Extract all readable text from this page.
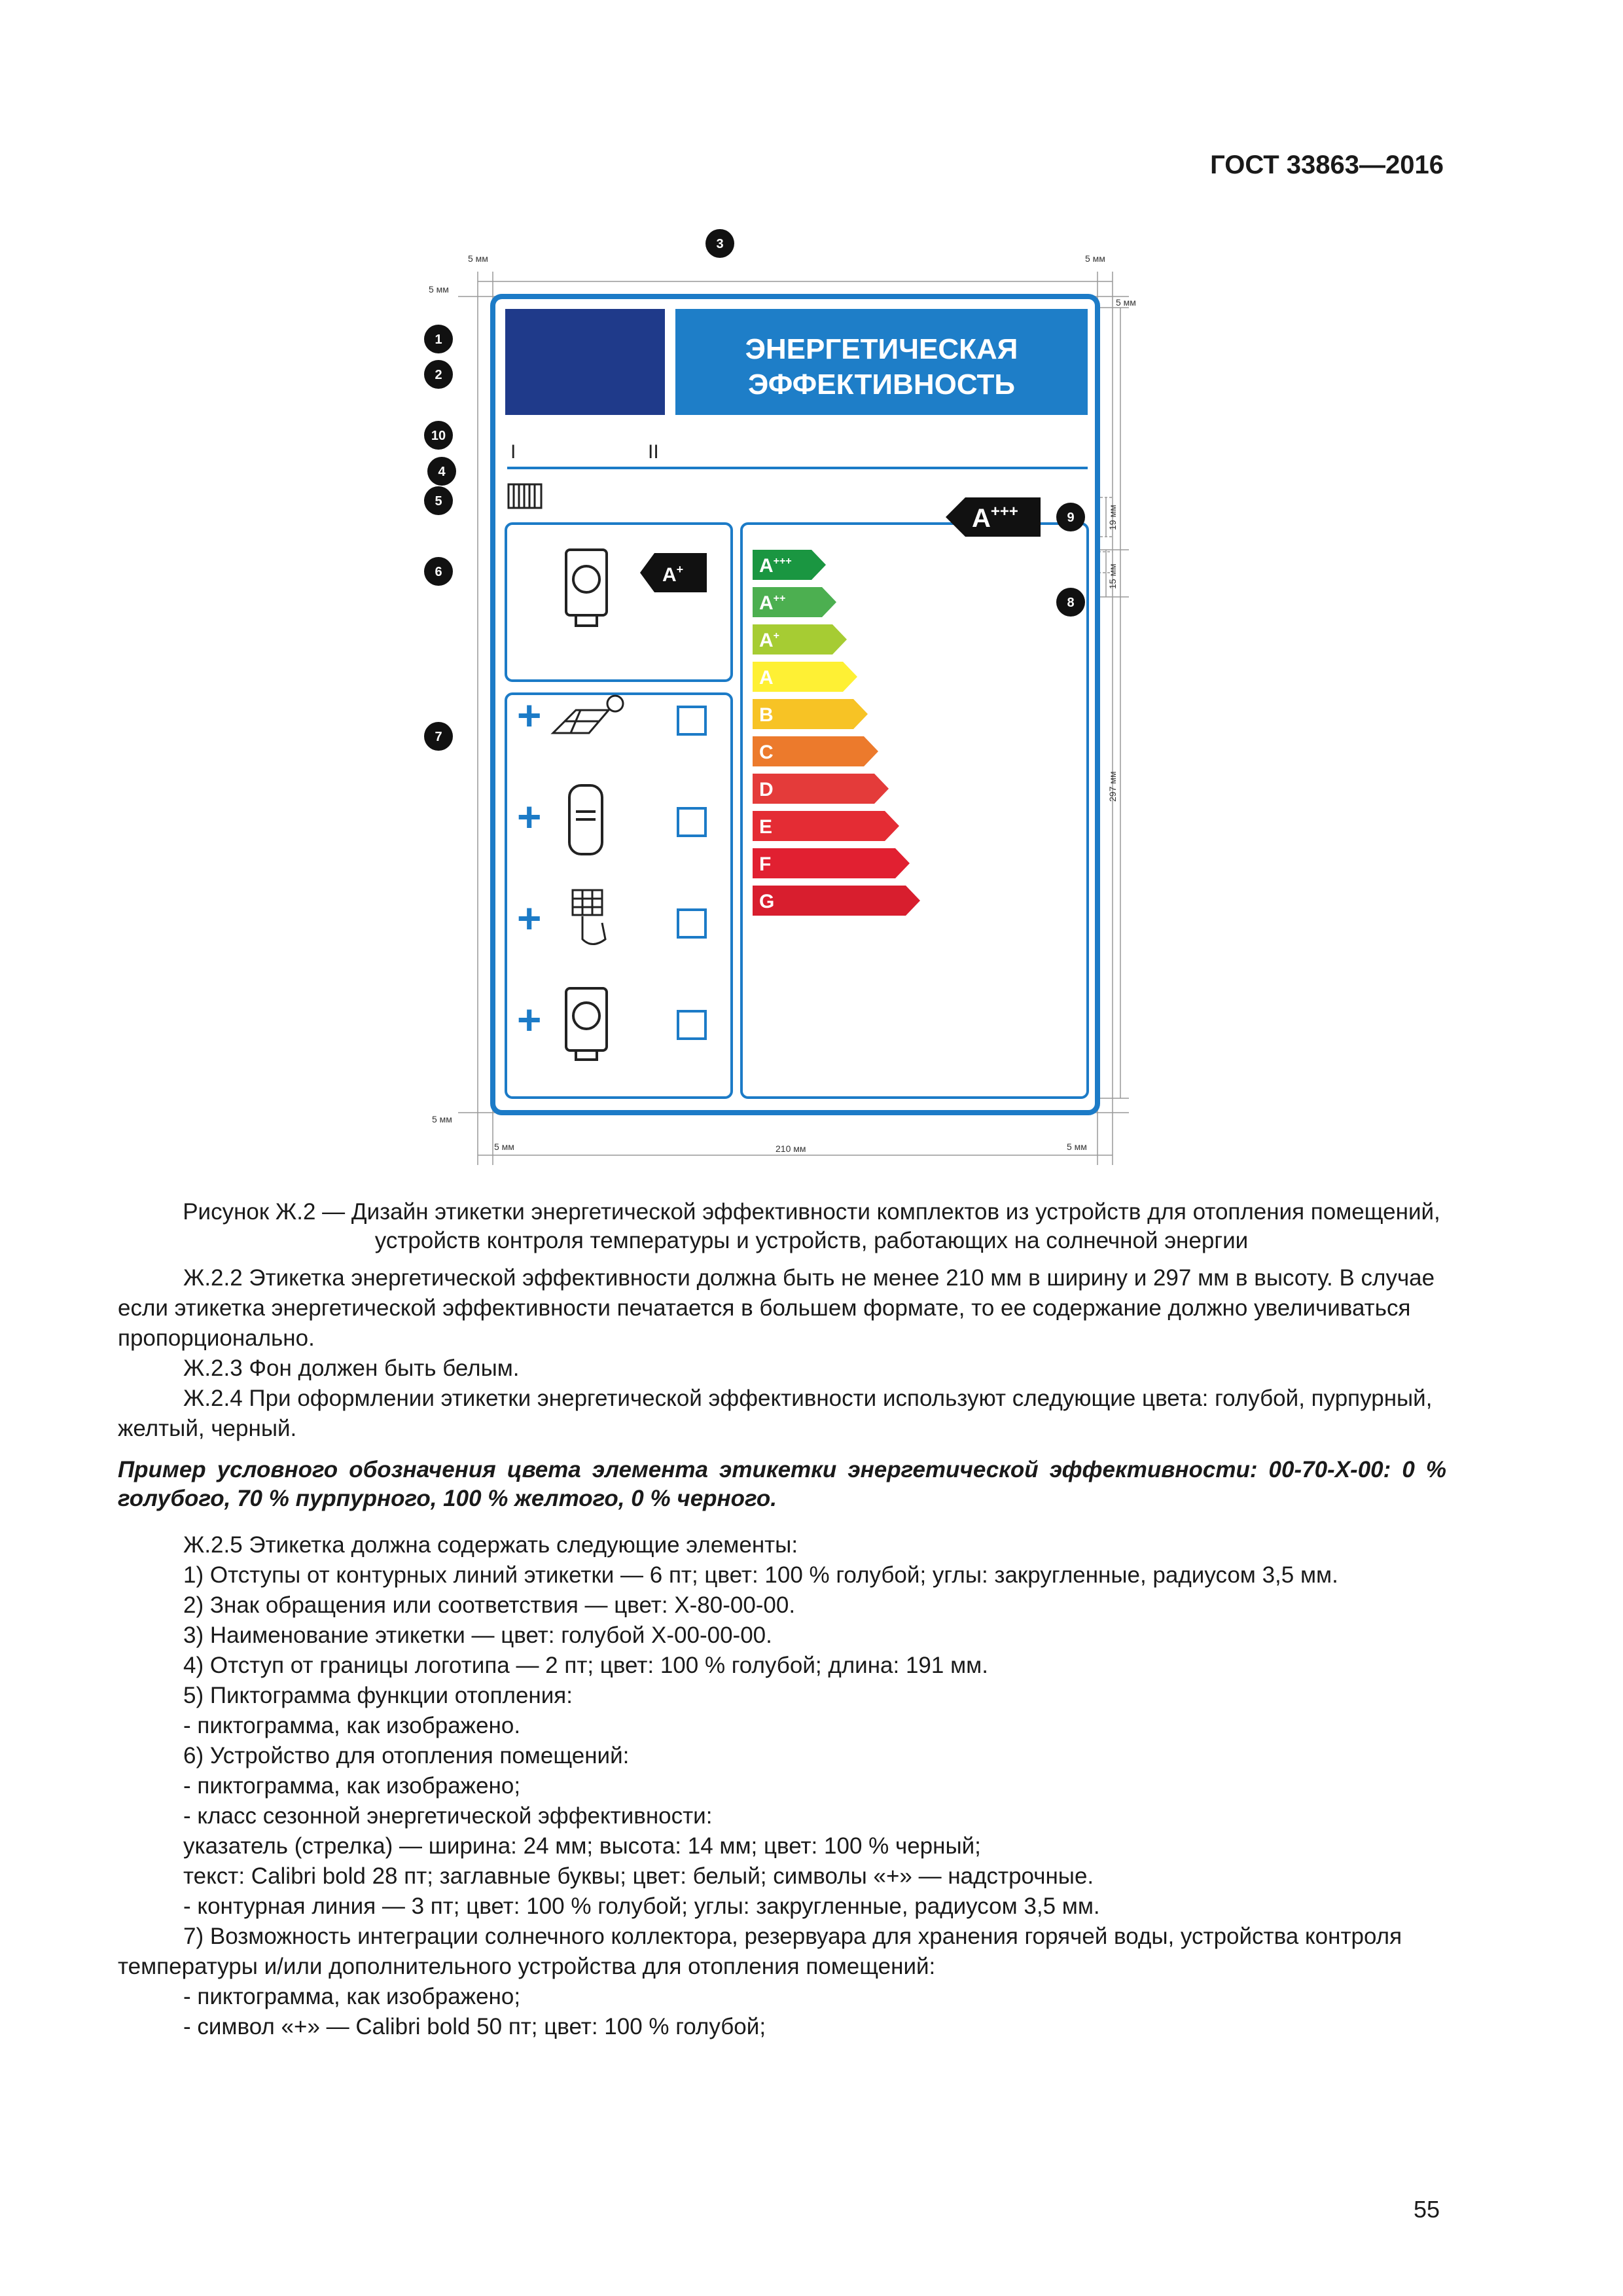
ГОСТ 33863—2016
5 мм	5 мм
5 мм
5 мм
19 мм
15 мм
297 мм
5 мм
5 мм	5 мм
210 мм
ЭНЕРГЕТИЧЕСКАЯ
ЭФФЕКТИВНОСТЬ
I	II
A+
+
+
+
+
A+++
A++
A+
A
B
C
D
E
F
G
A+++
1
2
3
4
5
6
7
8
9
10
Рисунок Ж.2 — Дизайн этикетки энергетической эффективности комплектов из устройств для отопления помещений, устройств контроля температуры и устройств, работающих на солнечной энергии

Ж.2.2 Этикетка энергетической эффективности должна быть не менее 210 мм в ширину и 297 мм в высоту. В случае если этикетка энергетической эффективности печатается в большем формате, то ее содержание должно увеличиваться пропорционально.

Ж.2.3 Фон должен быть белым.

Ж.2.4 При оформлении этикетки энергетической эффективности используют следующие цвета: голубой, пурпурный, желтый, черный.

Пример условного обозначения цвета элемента этикетки энергетической эффективности: 00-70-Х-00: 0 % голубого, 70 % пурпурного, 100 % желтого, 0 % черного.

Ж.2.5 Этикетка должна содержать следующие элементы:

1) Отступы от контурных линий этикетки — 6 пт; цвет: 100 % голубой; углы: закругленные, радиусом 3,5 мм.

2) Знак обращения или соответствия — цвет: Х-80-00-00.

3) Наименование этикетки — цвет: голубой Х-00-00-00.

4) Отступ от границы логотипа — 2 пт; цвет: 100 % голубой; длина: 191 мм.

5) Пиктограмма функции отопления:

- пиктограмма, как изображено.

6) Устройство для отопления помещений:

- пиктограмма, как изображено;

- класс сезонной энергетической эффективности:

указатель (стрелка) — ширина: 24 мм; высота: 14 мм; цвет: 100 % черный;

текст: Calibri bold 28 пт; заглавные буквы; цвет: белый; символы «+» — надстрочные.

- контурная линия — 3 пт; цвет: 100 % голубой; углы: закругленные, радиусом 3,5 мм.

7) Возможность интеграции солнечного коллектора, резервуара для хранения горячей воды, устройства контроля температуры и/или дополнительного устройства для отопления помещений:

- пиктограмма, как изображено;

- символ «+» — Calibri bold 50 пт; цвет: 100 % голубой;

55
